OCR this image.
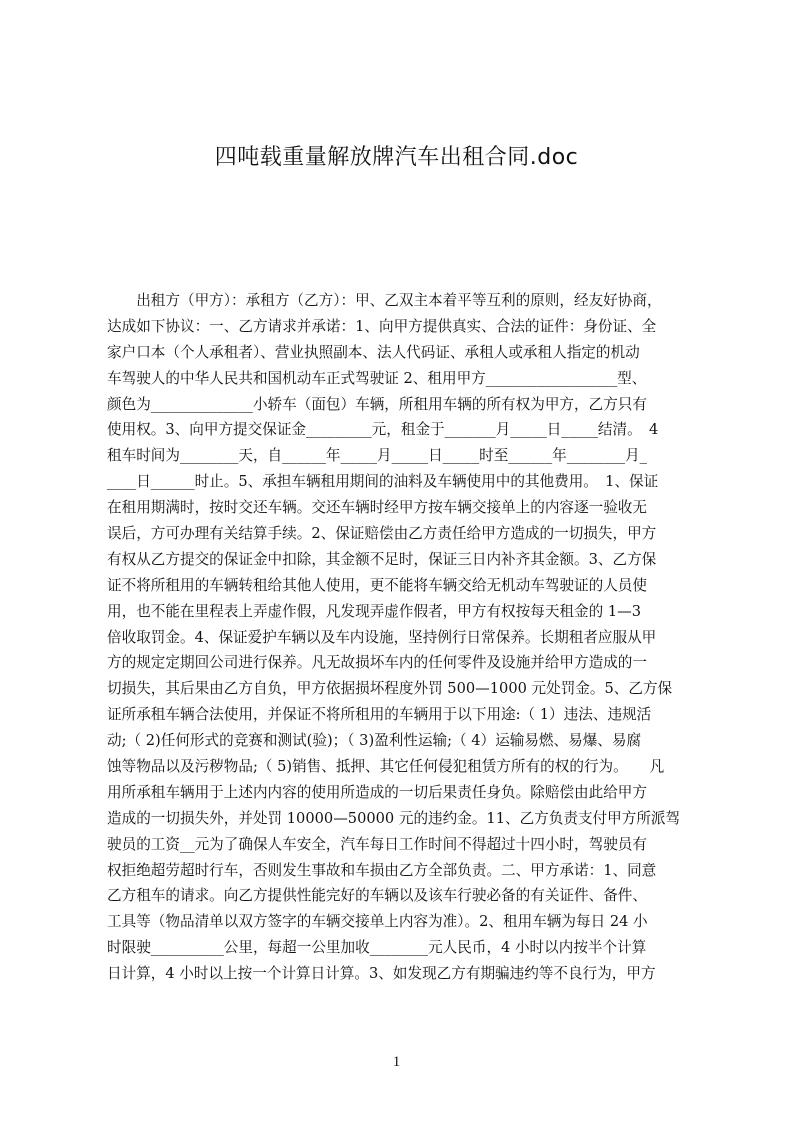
四吨载重量解放牌汽车出租合同.doc
　　出租方（甲方）：承租方（乙方）：甲、乙双主本着平等互利的原则，经友好协商，
达成如下协议：一、乙方请求并承诺：1、向甲方提供真实、合法的证件：身份证、全
家户口本（个人承租者）、营业执照副本、法人代码证、承租人或承租人指定的机动
车驾驶人的中华人民共和国机动车正式驾驶证 2、租用甲方__________________型、
颜色为______________小轿车（面包）车辆，所租用车辆的所有权为甲方，乙方只有
使用权。3、向甲方提交保证金_________元，租金于_______月_____日_____结清。　4
租车时间为________天，自______年_____月_____日_____时至______年________月_
____日______时止。5、承担车辆租用期间的油料及车辆使用中的其他费用。　1、保证
在租用期满时，按时交还车辆。交还车辆时经甲方按车辆交接单上的内容逐一验收无
误后，方可办理有关结算手续。2、保证赔偿由乙方责任给甲方造成的一切损失，甲方
有权从乙方提交的保证金中扣除，其金额不足时，保证三日内补齐其金额。3、乙方保
证不将所租用的车辆转租给其他人使用，更不能将车辆交给无机动车驾驶证的人员使
用，也不能在里程表上弄虚作假，凡发现弄虚作假者，甲方有权按每天租金的 1—3
倍收取罚金。4、保证爱护车辆以及车内设施，坚持例行日常保养。长期租者应服从甲
方的规定定期回公司进行保养。凡无故损坏车内的任何零件及设施并给甲方造成的一
切损失，其后果由乙方自负，甲方依据损坏程度外罚 500—1000 元处罚金。5、乙方保
证所承租车辆合法使用，并保证不将所租用的车辆用于以下用途:（ 1）违法、违规活
动;（ 2)任何形式的竞赛和测试(验)；（ 3)盈利性运输;（ 4）运输易燃、易爆、易腐
蚀等物品以及污秽物品;（ 5)销售、抵押、其它任何侵犯租赁方所有的权的行为。　　凡
用所承租车辆用于上述内内容的使用所造成的一切后果责任身负。除赔偿由此给甲方
造成的一切损失外，并处罚 10000—50000 元的违约金。11、乙方负责支付甲方所派驾
驶员的工资__元为了确保人车安全，汽车每日工作时间不得超过十四小时，驾驶员有
权拒绝超劳超时行车，否则发生事故和车损由乙方全部负责。二、甲方承诺：1、同意
乙方租车的请求。向乙方提供性能完好的车辆以及该车行驶必备的有关证件、备件、
工具等（物品清单以双方签字的车辆交接单上内容为准）。2、租用车辆为每日 24 小
时限驶__________公里，每超一公里加收________元人民币，4 小时以内按半个计算
日计算，4 小时以上按一个计算日计算。3、如发现乙方有期骗违约等不良行为，甲方
1
